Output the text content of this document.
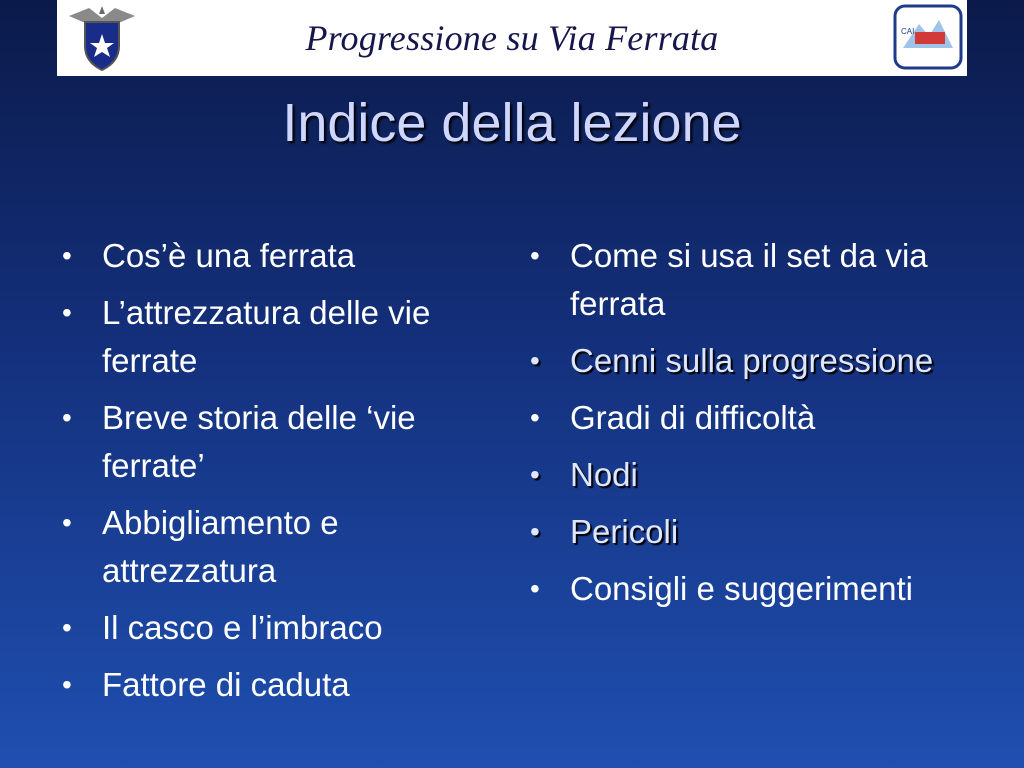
Progressione su Via Ferrata	CAI
Indice della lezione
• Cos’è una ferrata
• L’attrezzatura delle vie ferrate
• Breve storia delle ‘vie ferrate’
• Abbigliamento e attrezzatura
• Il casco e l’imbraco
• Fattore di caduta
• Come si usa il set da via ferrata
• Cenni sulla progressione
• Gradi di difficoltà
• Nodi
• Pericoli
• Consigli e suggerimenti
